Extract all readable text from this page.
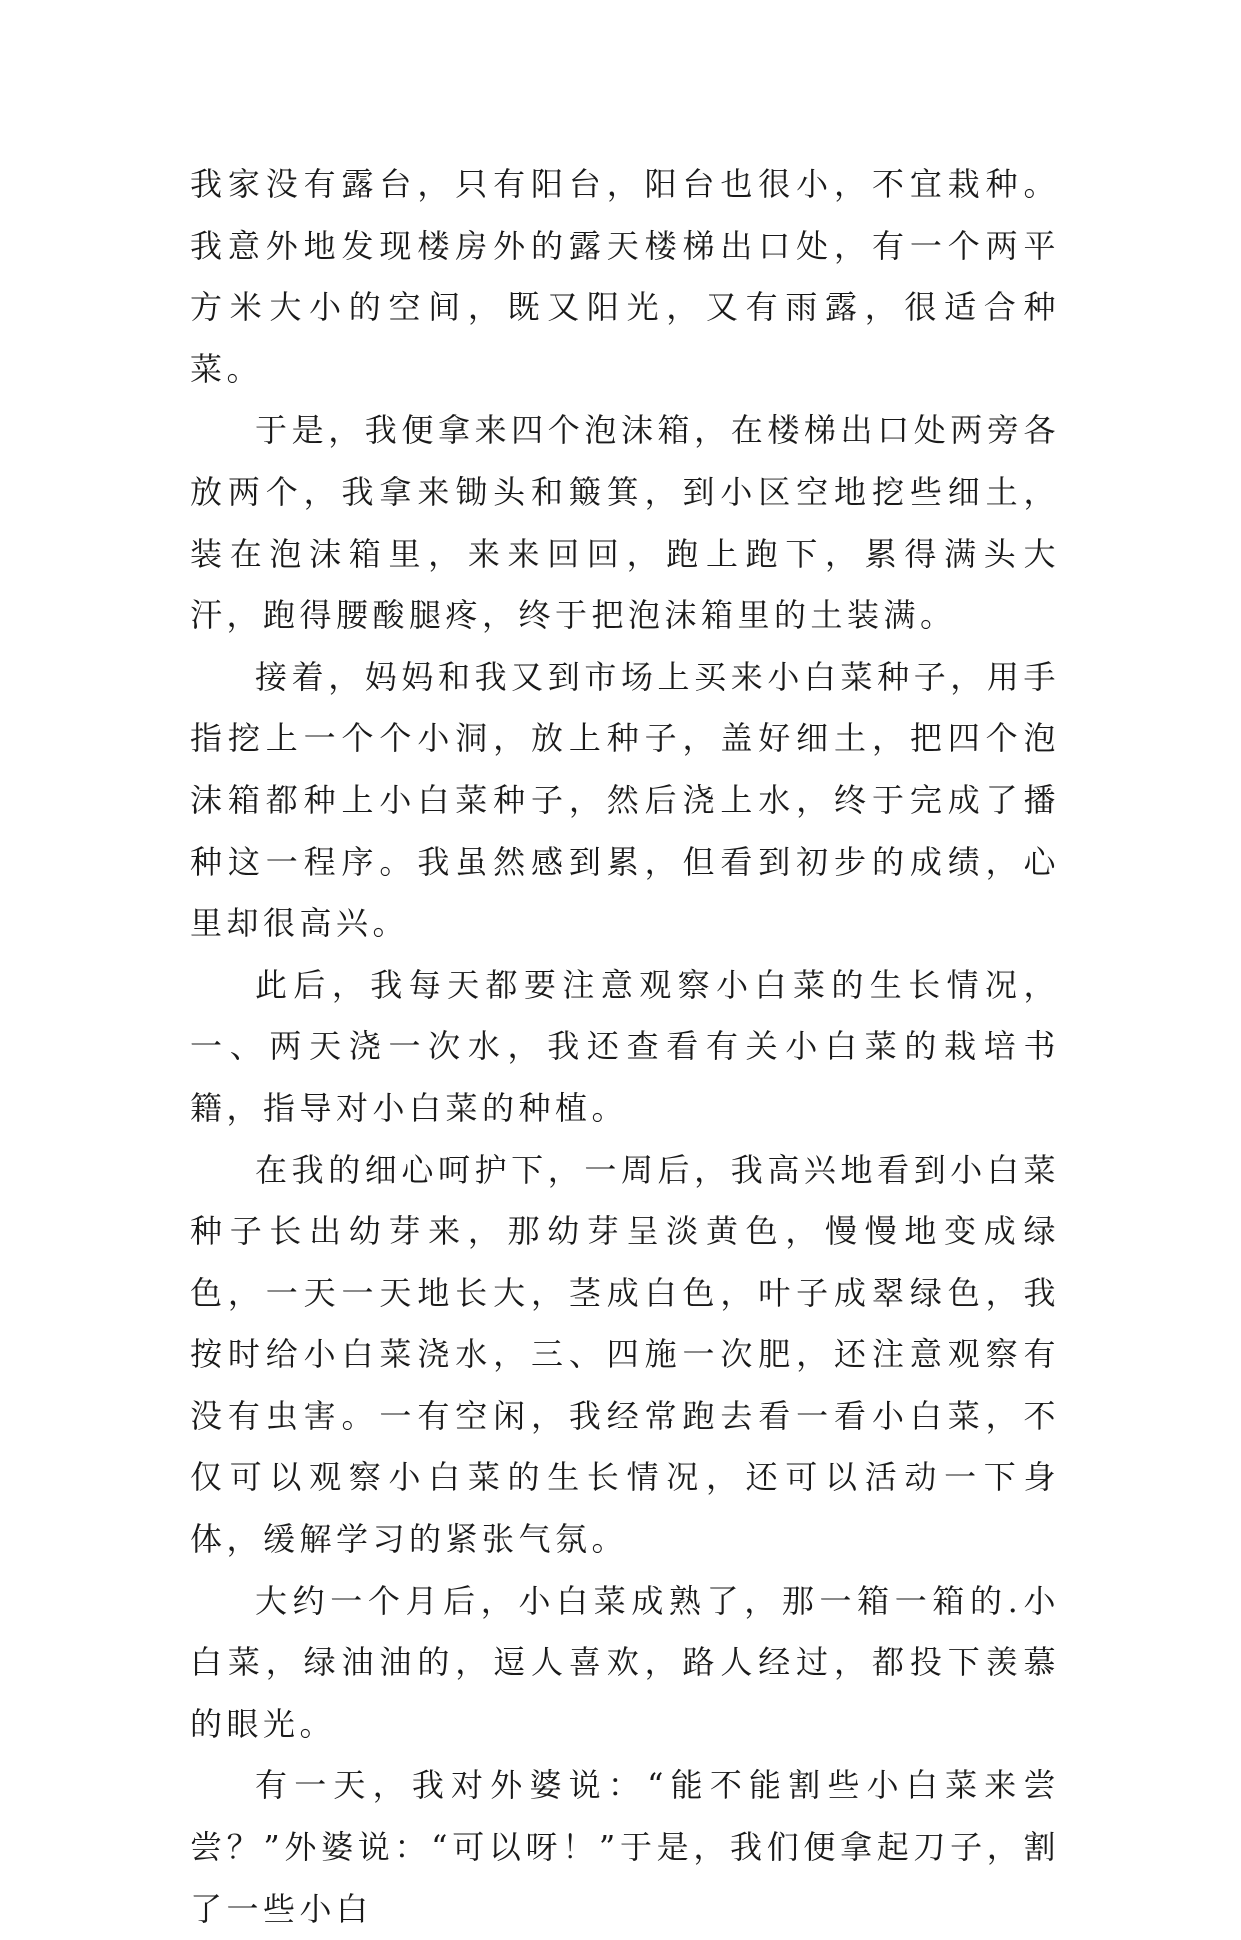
我家没有露台，只有阳台，阳台也很小，不宜栽种。我意外地发现楼房外的露天楼梯出口处，有一个两平方米大小的空间，既又阳光，又有雨露，很适合种菜。

于是，我便拿来四个泡沫箱，在楼梯出口处两旁各放两个，我拿来锄头和簸箕，到小区空地挖些细土，装在泡沫箱里，来来回回，跑上跑下，累得满头大汗，跑得腰酸腿疼，终于把泡沫箱里的土装满。

接着，妈妈和我又到市场上买来小白菜种子，用手指挖上一个个小洞，放上种子，盖好细土，把四个泡沫箱都种上小白菜种子，然后浇上水，终于完成了播种这一程序。我虽然感到累，但看到初步的成绩，心里却很高兴。

此后，我每天都要注意观察小白菜的生长情况，一、两天浇一次水，我还查看有关小白菜的栽培书籍，指导对小白菜的种植。

在我的细心呵护下，一周后，我高兴地看到小白菜种子长出幼芽来，那幼芽呈淡黄色，慢慢地变成绿色，一天一天地长大，茎成白色，叶子成翠绿色，我按时给小白菜浇水，三、四施一次肥，还注意观察有没有虫害。一有空闲，我经常跑去看一看小白菜，不仅可以观察小白菜的生长情况，还可以活动一下身体，缓解学习的紧张气氛。

大约一个月后，小白菜成熟了，那一箱一箱的.小白菜，绿油油的，逗人喜欢，路人经过，都投下羡慕的眼光。

有一天，我对外婆说：“能不能割些小白菜来尝尝？”外婆说：“可以呀！”于是，我们便拿起刀子，割了一些小白
